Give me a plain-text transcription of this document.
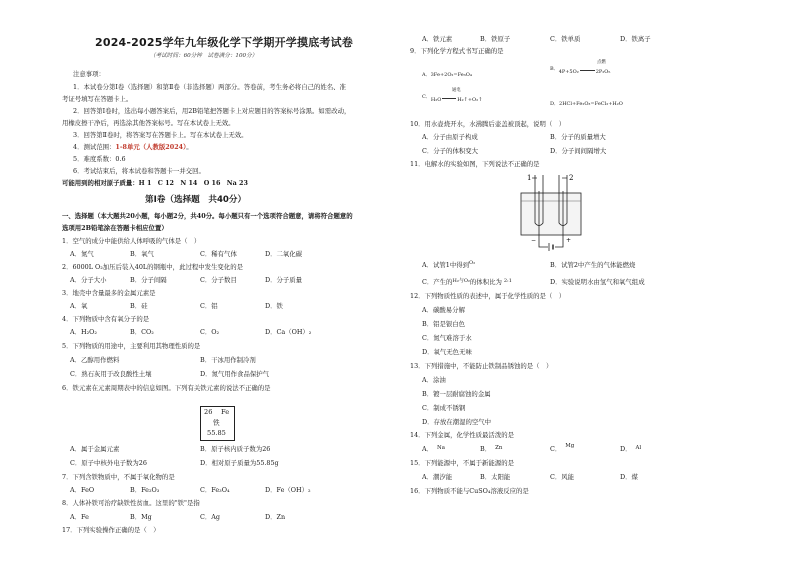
2024-2025学年九年级化学下学期开学摸底考试卷
（考试时间：60分钟　试卷满分：100分）
注意事项：
1．本试卷分第Ⅰ卷（选择题）和第Ⅱ卷（非选择题）两部分。答卷前，考生务必将自己的姓名、准
考证号填写在答题卡上。
2．回答第Ⅰ卷时，选出每小题答案后，用2B铅笔把答题卡上对应题目的答案标号涂黑。如需改动，
用橡皮擦干净后，再选涂其他答案标号。写在本试卷上无效。
3．回答第Ⅱ卷时，将答案写在答题卡上。写在本试卷上无效。
4．测试范围：1-8单元（人教版2024）。
5．难度系数：0.6
6．考试结束后，将本试卷和答题卡一并交回。
可能用到的相对原子质量：H 1　C 12　N 14　O 16　Na 23
第Ⅰ卷（选择题　共40分）
一、选择题（本大题共20小题，每小题2分，共40分。每小题只有一个选项符合题意，请将符合题意的
选项用2B铅笔涂在答题卡相应位置）
1．空气的成分中能供给人体呼吸的气体是（　）
A．氮气	B．氧气	C．稀有气体	D．二氧化碳
2．6000L O₂加压后装入40L的钢瓶中，此过程中发生变化的是
A．分子大小	B．分子间隔	C．分子数目	D．分子质量
3．地壳中含量最多的金属元素是
A．氧	B．硅	C．铝	D．铁
4．下列物质中含有氧分子的是
A．H₂O₂	B．CO₂	C．O₂	D．Ca（OH）₂
5．下列物质的用途中，主要利用其物理性质的是
A．乙醇用作燃料	B．干冰用作制冷剂
C．熟石灰用于改良酸性土壤	D．氮气用作食品保护气
6．铁元素在元素周期表中的信息如图。下列有关铁元素的说法不正确的是
26 Fe
铁
55.85
A．属于金属元素	B．原子核内质子数为26
C．原子中核外电子数为26	D．相对原子质量为55.85g
7．下列含铁物质中，不属于氧化物的是
A．FeO	B．Fe₂O₃	C．Fe₃O₄	D．Fe（OH）₂
8．人体补铁可治疗缺铁性贫血。这里的"铁"是指
A．Fe	B．Mg	C．Ag	D．Zn
17．下列实验操作正确的是（　）
A．铁元素	B．铁原子	C．铁单质	D．铁离子
9．下列化学方程式书写正确的是
A．3Fe+2O₂=Fe₃O₄
B．4P+5O₂
点燃
2P₂O₅
C．H₂O
通电
H₂↑+O₂↑
D．2HCl+Fe₂O₃=FeCl₂+H₂O
10．用水壶烧开水，水沸腾后壶盖被顶起，说明（　）
A．分子由原子构成	B．分子的质量增大
C．分子的体积变大	D．分子间间隔增大
11．电解水的实验如图，下列说法不正确的是
1	2
−	+
A．试管1中得到$^{O_2}$	B．试管2中产生的气体能燃烧
C．产生的$^{H_2与O_2}$的体积比为 $^{2:1}$	D．实验说明水由氢气和氧气组成
12．下列物质性质的表述中，属于化学性质的是（　）
A．碳酸易分解
B．铝是银白色
C．氮气难溶于水
D．氧气无色无味
13．下列措施中，不能防止铁制品锈蚀的是（　）
A．涂油
B．镀一层耐腐蚀的金属
C．制成不锈钢
D．存放在潮湿的空气中
14．下列金属，化学性质最活泼的是
A． $^{Na}$	B． $^{Zn}$	C． $^{Mg}$	D． $^{Al}$
15．下列能源中，不属于新能源的是
A．潮汐能	B．太阳能	C．风能	D．煤
16．下列物质不能与CuSO₄溶液反应的是
